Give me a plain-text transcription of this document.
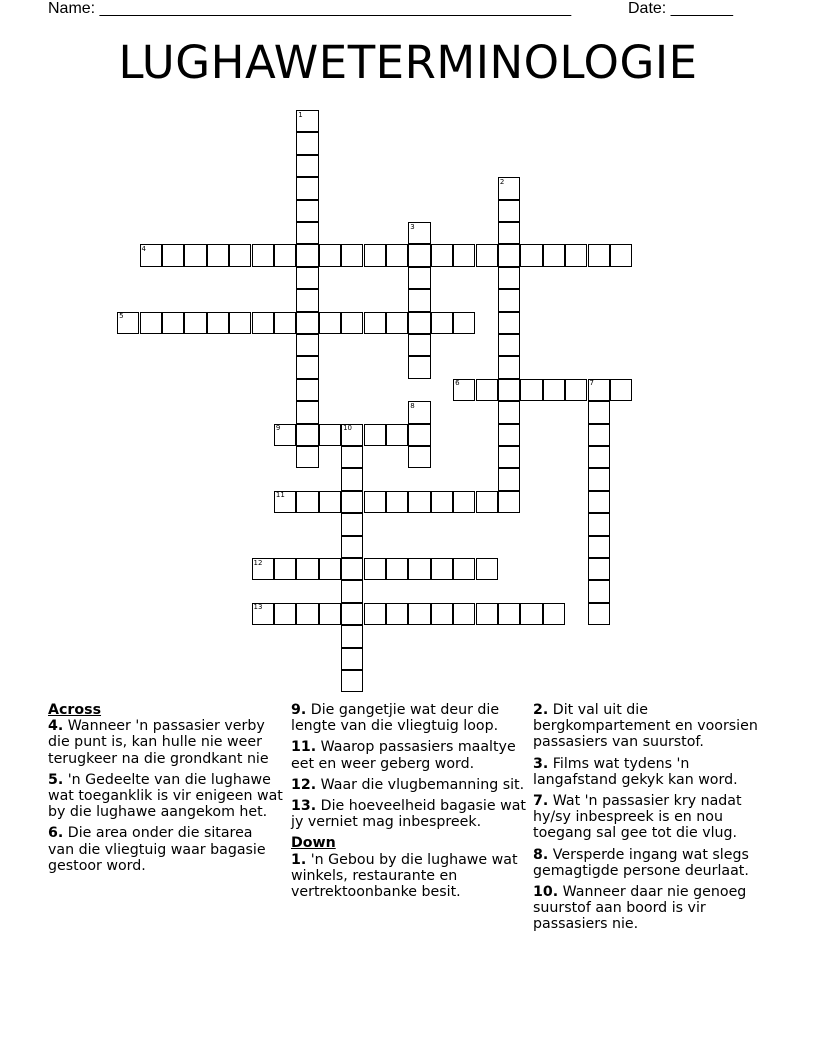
Name: _____________________________________________________	Date: _______
LUGHAWETERMINOLOGIE
1
2
3
4
5
6	7
8
9	10
11
12
13
Across
4. Wanneer 'n passasier verby die punt is, kan hulle nie weer terugkeer na die grondkant nie
5. 'n Gedeelte van die lughawe wat toeganklik is vir enigeen wat by die lughawe aangekom het.
6. Die area onder die sitarea van die vliegtuig waar bagasie gestoor word.
9. Die gangetjie wat deur die lengte van die vliegtuig loop.
11. Waarop passasiers maaltye eet en weer geberg word.
12. Waar die vlugbemanning sit.
13. Die hoeveelheid bagasie wat jy verniet mag inbespreek.
Down
1. 'n Gebou by die lughawe wat winkels, restaurante en vertrektoonbanke besit.
2. Dit val uit die bergkompartement en voorsien passasiers van suurstof.
3. Films wat tydens 'n langafstand gekyk kan word.
7. Wat 'n passasier kry nadat hy/sy inbespreek is en nou toegang sal gee tot die vlug.
8. Versperde ingang wat slegs gemagtigde persone deurlaat.
10. Wanneer daar nie genoeg suurstof aan boord is vir passasiers nie.
